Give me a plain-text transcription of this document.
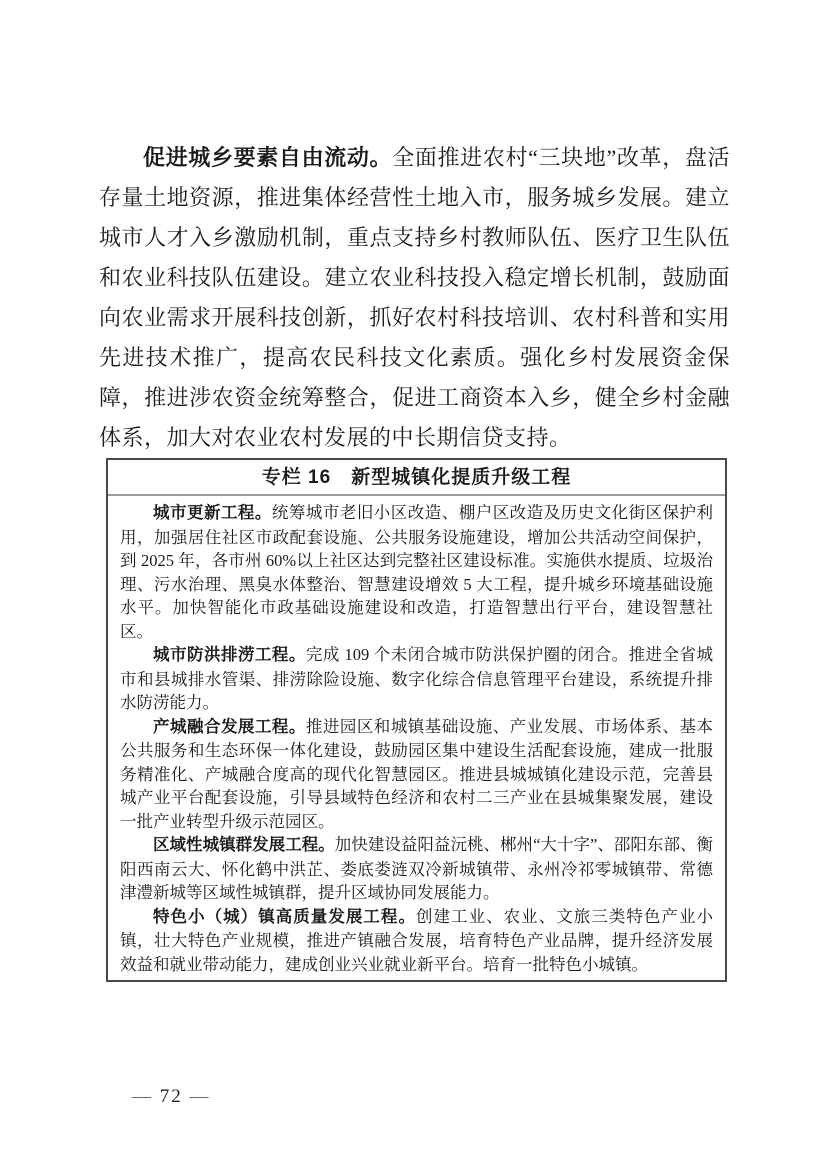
促进城乡要素自由流动。全面推进农村“三块地”改革，盘活存量土地资源，推进集体经营性土地入市，服务城乡发展。建立城市人才入乡激励机制，重点支持乡村教师队伍、医疗卫生队伍和农业科技队伍建设。建立农业科技投入稳定增长机制，鼓励面向农业需求开展科技创新，抓好农村科技培训、农村科普和实用先进技术推广，提高农民科技文化素质。强化乡村发展资金保障，推进涉农资金统筹整合，促进工商资本入乡，健全乡村金融体系，加大对农业农村发展的中长期信贷支持。

专栏 16　新型城镇化提质升级工程

城市更新工程。统筹城市老旧小区改造、棚户区改造及历史文化街区保护利用，加强居住社区市政配套设施、公共服务设施建设，增加公共活动空间保护，到 2025 年，各市州 60%以上社区达到完整社区建设标准。实施供水提质、垃圾治理、污水治理、黑臭水体整治、智慧建设增效 5 大工程，提升城乡环境基础设施水平。加快智能化市政基础设施建设和改造，打造智慧出行平台，建设智慧社区。

城市防洪排涝工程。完成 109 个未闭合城市防洪保护圈的闭合。推进全省城市和县城排水管渠、排涝除险设施、数字化综合信息管理平台建设，系统提升排水防涝能力。

产城融合发展工程。推进园区和城镇基础设施、产业发展、市场体系、基本公共服务和生态环保一体化建设，鼓励园区集中建设生活配套设施，建成一批服务精准化、产城融合度高的现代化智慧园区。推进县城城镇化建设示范，完善县城产业平台配套设施，引导县域特色经济和农村二三产业在县城集聚发展，建设一批产业转型升级示范园区。

区域性城镇群发展工程。加快建设益阳益沅桃、郴州“大十字”、邵阳东部、衡阳西南云大、怀化鹤中洪芷、娄底娄涟双冷新城镇带、永州冷祁零城镇带、常德津澧新城等区域性城镇群，提升区域协同发展能力。

特色小（城）镇高质量发展工程。创建工业、农业、文旅三类特色产业小镇，壮大特色产业规模，推进产镇融合发展，培育特色产业品牌，提升经济发展效益和就业带动能力，建成创业兴业就业新平台。培育一批特色小城镇。

— 72 —
